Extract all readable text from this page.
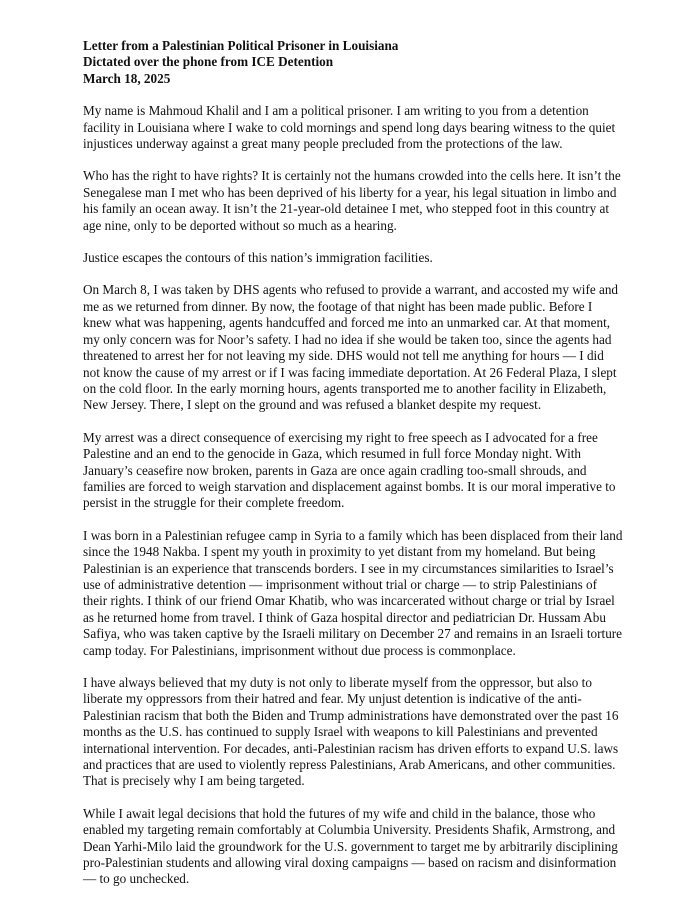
Letter from a Palestinian Political Prisoner in Louisiana

Dictated over the phone from ICE Detention

March 18, 2025

My name is Mahmoud Khalil and I am a political prisoner. I am writing to you from a detention facility in Louisiana where I wake to cold mornings and spend long days bearing witness to the quiet injustices underway against a great many people precluded from the protections of the law.

Who has the right to have rights? It is certainly not the humans crowded into the cells here. It isn’t the Senegalese man I met who has been deprived of his liberty for a year, his legal situation in limbo and his family an ocean away. It isn’t the 21-year-old detainee I met, who stepped foot in this country at age nine, only to be deported without so much as a hearing.

Justice escapes the contours of this nation’s immigration facilities.

On March 8, I was taken by DHS agents who refused to provide a warrant, and accosted my wife and me as we returned from dinner. By now, the footage of that night has been made public. Before I knew what was happening, agents handcuffed and forced me into an unmarked car. At that moment, my only concern was for Noor’s safety. I had no idea if she would be taken too, since the agents had threatened to arrest her for not leaving my side. DHS would not tell me anything for hours — I did not know the cause of my arrest or if I was facing immediate deportation. At 26 Federal Plaza, I slept on the cold floor. In the early morning hours, agents transported me to another facility in Elizabeth, New Jersey. There, I slept on the ground and was refused a blanket despite my request.

My arrest was a direct consequence of exercising my right to free speech as I advocated for a free Palestine and an end to the genocide in Gaza, which resumed in full force Monday night. With January’s ceasefire now broken, parents in Gaza are once again cradling too-small shrouds, and families are forced to weigh starvation and displacement against bombs. It is our moral imperative to persist in the struggle for their complete freedom.

I was born in a Palestinian refugee camp in Syria to a family which has been displaced from their land since the 1948 Nakba. I spent my youth in proximity to yet distant from my homeland. But being Palestinian is an experience that transcends borders. I see in my circumstances similarities to Israel’s use of administrative detention — imprisonment without trial or charge — to strip Palestinians of their rights. I think of our friend Omar Khatib, who was incarcerated without charge or trial by Israel as he returned home from travel. I think of Gaza hospital director and pediatrician Dr. Hussam Abu Safiya, who was taken captive by the Israeli military on December 27 and remains in an Israeli torture camp today. For Palestinians, imprisonment without due process is commonplace.

I have always believed that my duty is not only to liberate myself from the oppressor, but also to liberate my oppressors from their hatred and fear. My unjust detention is indicative of the anti-Palestinian racism that both the Biden and Trump administrations have demonstrated over the past 16 months as the U.S. has continued to supply Israel with weapons to kill Palestinians and prevented international intervention. For decades, anti-Palestinian racism has driven efforts to expand U.S. laws and practices that are used to violently repress Palestinians, Arab Americans, and other communities. That is precisely why I am being targeted.

While I await legal decisions that hold the futures of my wife and child in the balance, those who enabled my targeting remain comfortably at Columbia University. Presidents Shafik, Armstrong, and Dean Yarhi-Milo laid the groundwork for the U.S. government to target me by arbitrarily disciplining pro-Palestinian students and allowing viral doxing campaigns — based on racism and disinformation — to go unchecked.
